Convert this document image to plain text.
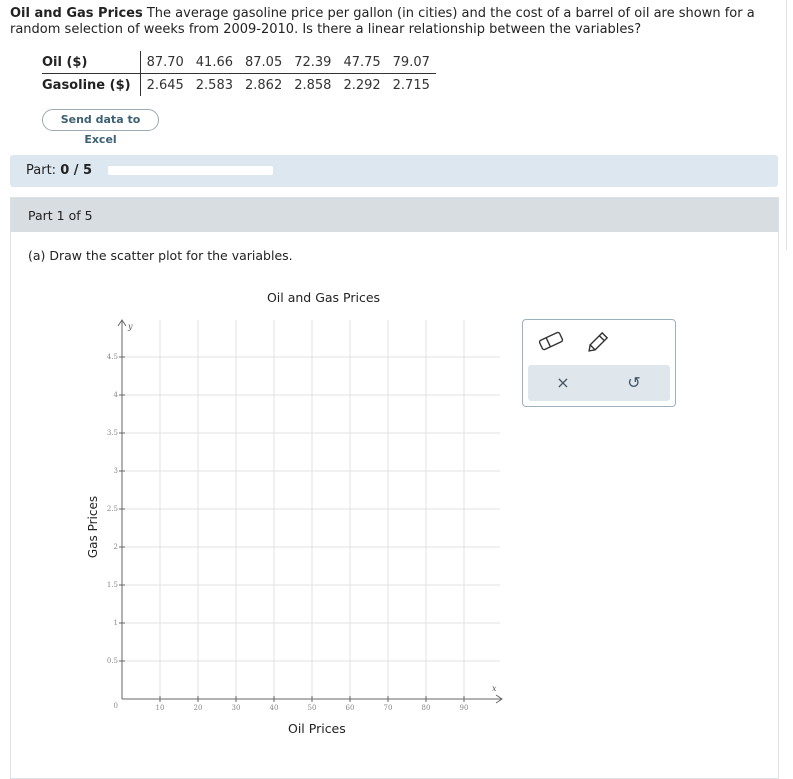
Oil and Gas Prices The average gasoline price per gallon (in cities) and the cost of a barrel of oil are shown for a random selection of weeks from 2009-2010. Is there a linear relationship between the variables?
Oil ($)	87.70	41.66	87.05	72.39	47.75	79.07
Gasoline ($)	2.645	2.583	2.862	2.858	2.292	2.715
Send data to Excel
Part: 0 / 5
Part 1 of 5
(a) Draw the scatter plot for the variables.
Oil and Gas Prices
10	20	30	40	50	60	70	80	90
0.5
1
1.5
2
2.5
3
3.5
4
4.5
y
x
0
Gas Prices
Oil Prices
×	↺
